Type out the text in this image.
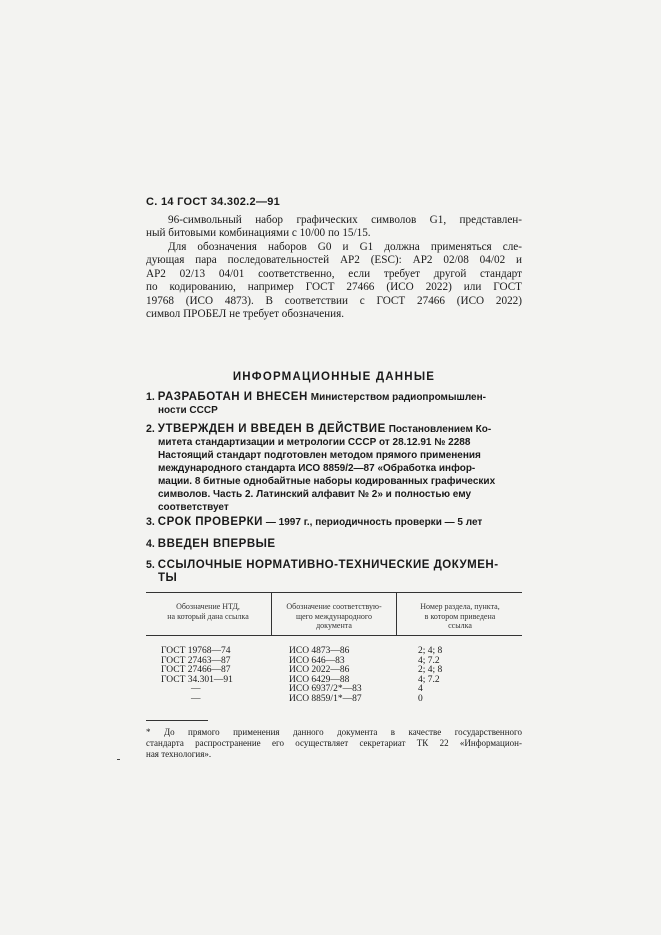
С. 14 ГОСТ 34.302.2—91
96-символьный набор графических символов G1, представлен-
ный битовыми комбинациями с 10/00 по 15/15.
Для обозначения наборов G0 и G1 должна применяться сле-
дующая пара последовательностей АР2 (ESC): АР2 02/08 04/02 и
АР2 02/13 04/01 соответственно, если требует другой стандарт
по кодированию, например ГОСТ 27466 (ИСО 2022) или ГОСТ
19768 (ИСО 4873). В соответствии с ГОСТ 27466 (ИСО 2022)
символ ПРОБЕЛ не требует обозначения.
ИНФОРМАЦИОННЫЕ ДАННЫЕ
1. РАЗРАБОТАН И ВНЕСЕН Министерством радиопромышлен-
ности СССР
2. УТВЕРЖДЕН И ВВЕДЕН В ДЕЙСТВИЕ Постановлением Ко-
митета стандартизации и метрологии СССР от 28.12.91 № 2288
Настоящий стандарт подготовлен методом прямого применения
международного стандарта ИСО 8859/2—87 «Обработка инфор-
мации. 8 битные однобайтные наборы кодированных графических
символов. Часть 2. Латинский алфавит № 2» и полностью ему
соответствует
3. СРОК ПРОВЕРКИ — 1997 г., периодичность проверки — 5 лет
4. ВВЕДЕН ВПЕРВЫЕ
5. ССЫЛОЧНЫЕ НОРМАТИВНО-ТЕХНИЧЕСКИЕ ДОКУМЕН-
ТЫ
Обозначение НТД,
на который дана ссылка
Обозначение соответствую-
щего международного
документа
Номер раздела, пункта,
в котором приведена
ссылка
ГОСТ 19768—74
ГОСТ 27463—87
ГОСТ 27466—87
ГОСТ 34.301—91
—
—
ИСО 4873—86
ИСО 646—83
ИСО 2022—86
ИСО 6429—88
ИСО 6937/2*—83
ИСО 8859/1*—87
2; 4; 8
4; 7.2
2; 4; 8
4; 7.2
4
0
* До прямого применения данного документа в качестве государственного
стандарта распространение его осуществляет секретариат ТК 22 «Информацион-
ная технология».
